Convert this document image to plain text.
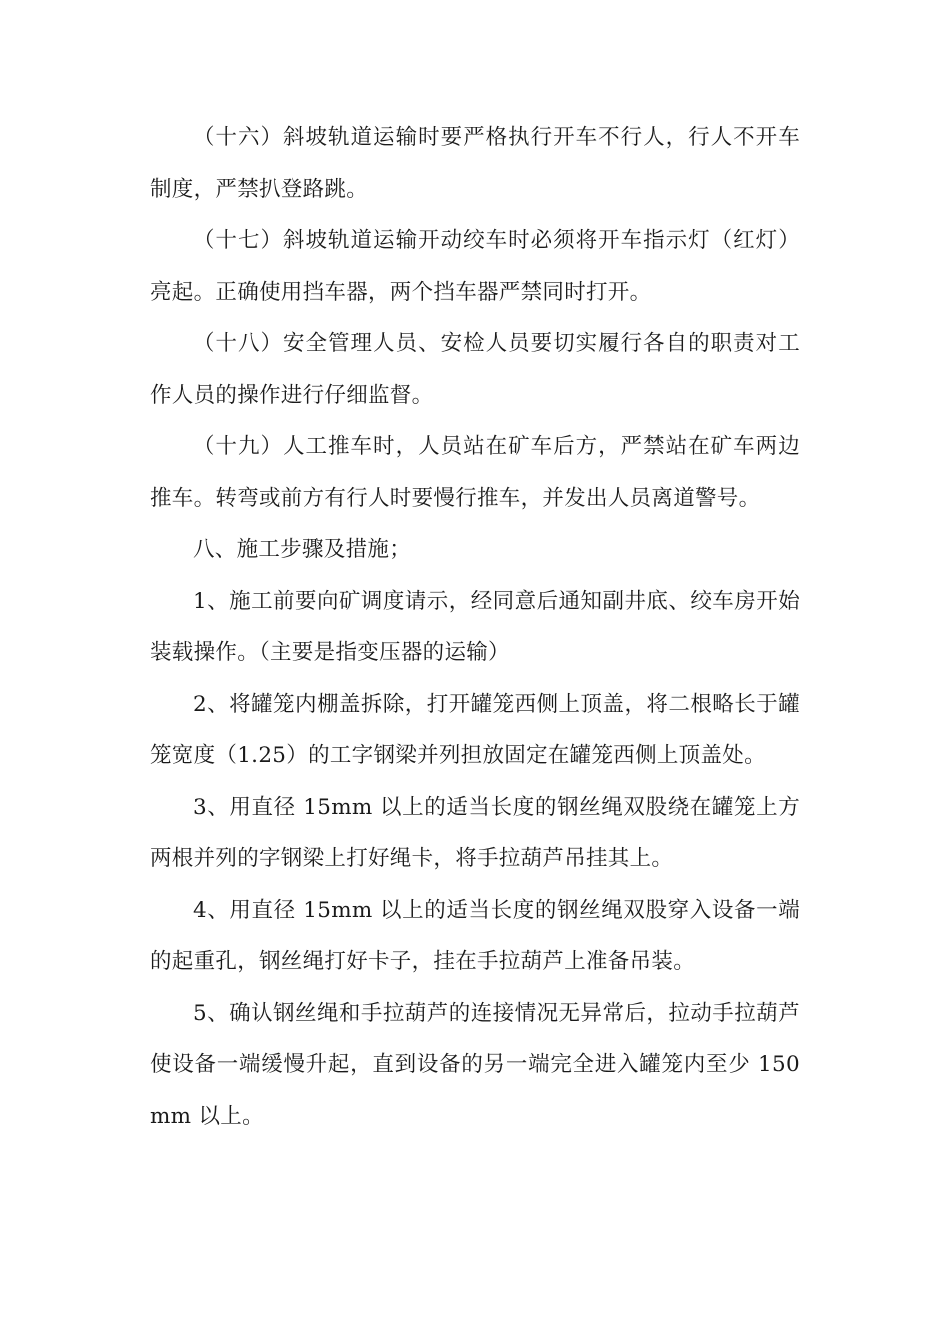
（十六）斜坡轨道运输时要严格执行开车不行人，行人不开车制度，严禁扒登路跳。

（十七）斜坡轨道运输开动绞车时必须将开车指示灯（红灯）亮起。正确使用挡车器，两个挡车器严禁同时打开。

（十八）安全管理人员、安检人员要切实履行各自的职责对工作人员的操作进行仔细监督。

（十九）人工推车时，人员站在矿车后方，严禁站在矿车两边推车。转弯或前方有行人时要慢行推车，并发出人员离道警号。

八、施工步骤及措施；

1、施工前要向矿调度请示，经同意后通知副井底、绞车房开始装载操作。（主要是指变压器的运输）

2、将罐笼内棚盖拆除，打开罐笼西侧上顶盖，将二根略长于罐笼宽度（1.25）的工字钢梁并列担放固定在罐笼西侧上顶盖处。

3、用直径 15mm 以上的适当长度的钢丝绳双股绕在罐笼上方两根并列的字钢梁上打好绳卡，将手拉葫芦吊挂其上。

4、用直径 15mm 以上的适当长度的钢丝绳双股穿入设备一端的起重孔，钢丝绳打好卡子，挂在手拉葫芦上准备吊装。

5、确认钢丝绳和手拉葫芦的连接情况无异常后，拉动手拉葫芦使设备一端缓慢升起，直到设备的另一端完全进入罐笼内至少 150mm 以上。
